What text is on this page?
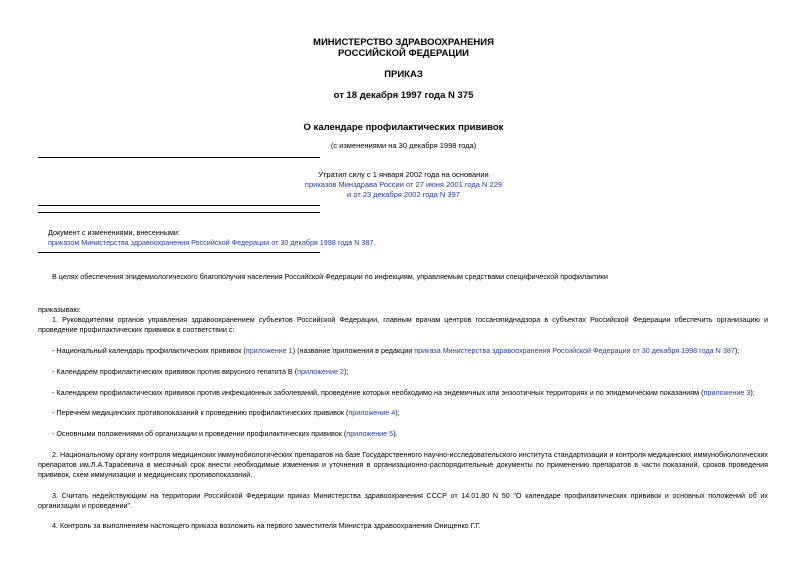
МИНИСТЕРСТВО ЗДРАВООХРАНЕНИЯ
РОССИЙСКОЙ ФЕДЕРАЦИИ
ПРИКАЗ
от 18 декабря 1997 года N 375
О календаре профилактических прививок
(с изменениями на 30 декабря 1998 года)
Утратил силу с 1 января 2002 года на основании
приказов Минздрава России от 27 июня 2001 года N 229
и от 23 декабря 2002 года N 397
Документ с изменениями, внесенными:
приказом Министерства здравоохранения Российской Федерации от 30 декабря 1998 года N 387.
В целях обеспечения эпидемиологического благополучия населения Российской Федерации по инфекциям, управляемым средствами специфической профилактики
приказываю:
1. Руководителям органов управления здравоохранением субъектов Российской Федерации, главным врачам центров госсанэпиднадзора в субъектах Российской Федерации обеспечить организацию и
проведение профилактических прививок в соответствии с:
- Национальный календарь профилактических прививок (приложение 1) (название приложения в редакции приказа Министерства здравоохранения Российской Федерации от 30 декабря 1998 года N 387);
- Календарем профилактических прививок против вирусного гепатита В (приложение 2);
- Календарем профилактических прививок против инфекционных заболеваний, проведение которых необходимо на эндемичных или энзоотичных территориях и по эпидемическим показаниям (приложение 3);
- Перечнем медицинских противопоказаний к проведению профилактических прививок (приложение 4);
- Основными положениями об организации и проведении профилактических прививок (приложение 5).
2. Национальному органу контроля медицинских иммунобиологических препаратов на базе Государственного научно-исследовательского института стандартизации и контроля медицинских иммунобиологических
препаратов им.Л.А.Тарасевича в месячный срок внести необходимые изменения и уточнения в организационно-распорядительные документы по применению препаратов в части показаний, сроков проведения
прививок, схем иммунизации и медицинских противопоказаний.
3. Считать недействующим на территории Российской Федерации приказ Министерства здравоохранения СССР от 14.01.80 N 50 "О календаре профилактических прививок и основных положений об их
организации и проведении".
4. Контроль за выполнением настоящего приказа возложить на первого заместителя Министра здравоохранения Онищенко Г.Г.
